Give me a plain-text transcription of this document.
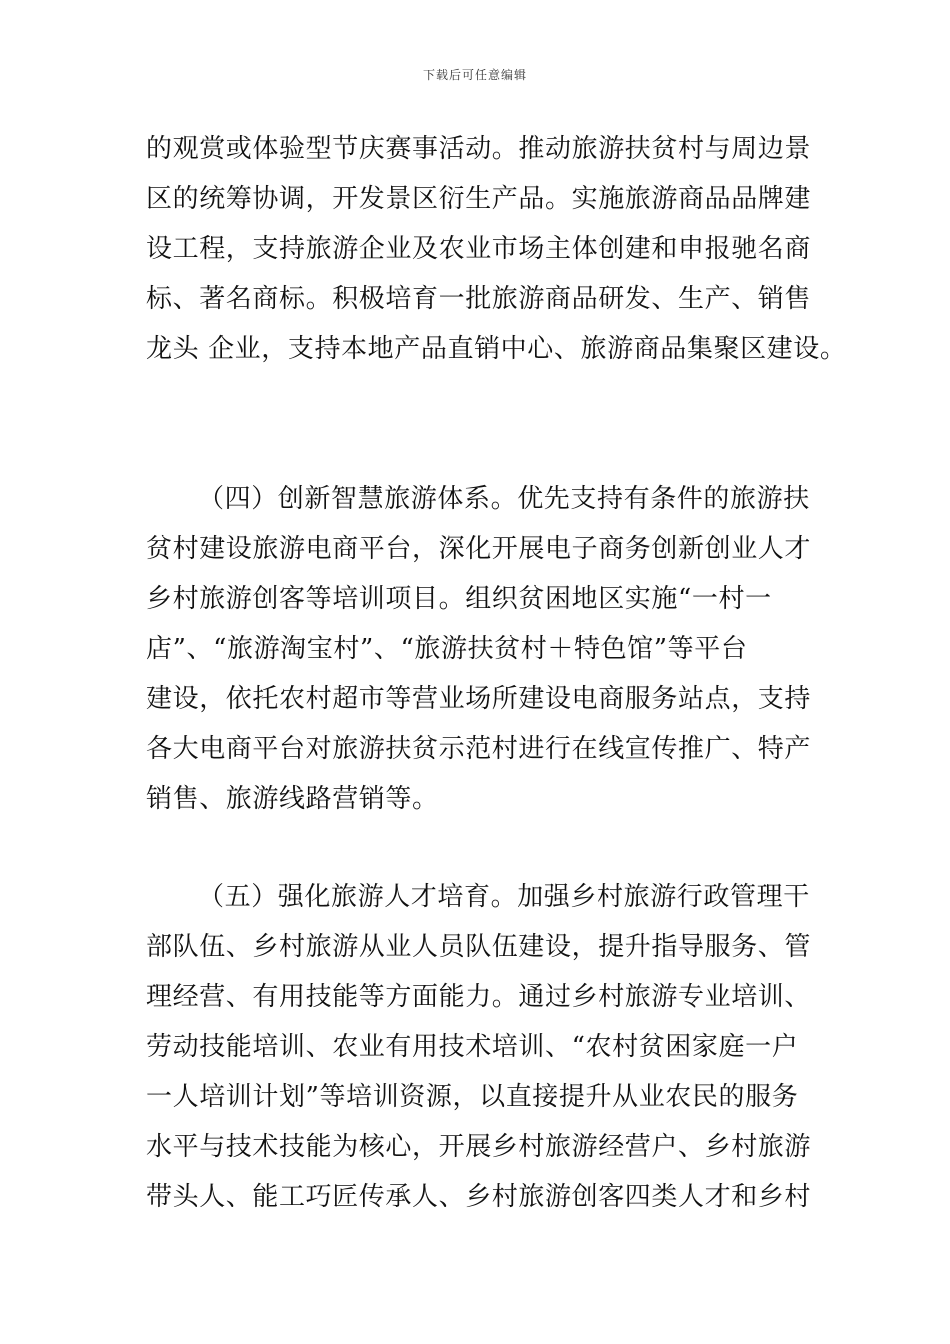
下载后可任意编辑
的观赏或体验型节庆赛事活动。推动旅游扶贫村与周边景
区的统筹协调，开发景区衍生产品。实施旅游商品品牌建
设工程，支持旅游企业及农业市场主体创建和申报驰名商
标、著名商标。积极培育一批旅游商品研发、生产、销售
龙头 企业，支持本地产品直销中心、旅游商品集聚区建设。
（四）创新智慧旅游体系。优先支持有条件的旅游扶
贫村建设旅游电商平台，深化开展电子商务创新创业人才
乡村旅游创客等培训项目。组织贫困地区实施“一村一
店”、“旅游淘宝村”、“旅游扶贫村＋特色馆”等平台
建设，依托农村超市等营业场所建设电商服务站点，支持
各大电商平台对旅游扶贫示范村进行在线宣传推广、特产
销售、旅游线路营销等。
（五）强化旅游人才培育。加强乡村旅游行政管理干
部队伍、乡村旅游从业人员队伍建设，提升指导服务、管
理经营、有用技能等方面能力。通过乡村旅游专业培训、
劳动技能培训、农业有用技术培训、“农村贫困家庭一户
一人培训计划”等培训资源，以直接提升从业农民的服务
水平与技术技能为核心，开展乡村旅游经营户、乡村旅游
带头人、能工巧匠传承人、乡村旅游创客四类人才和乡村
